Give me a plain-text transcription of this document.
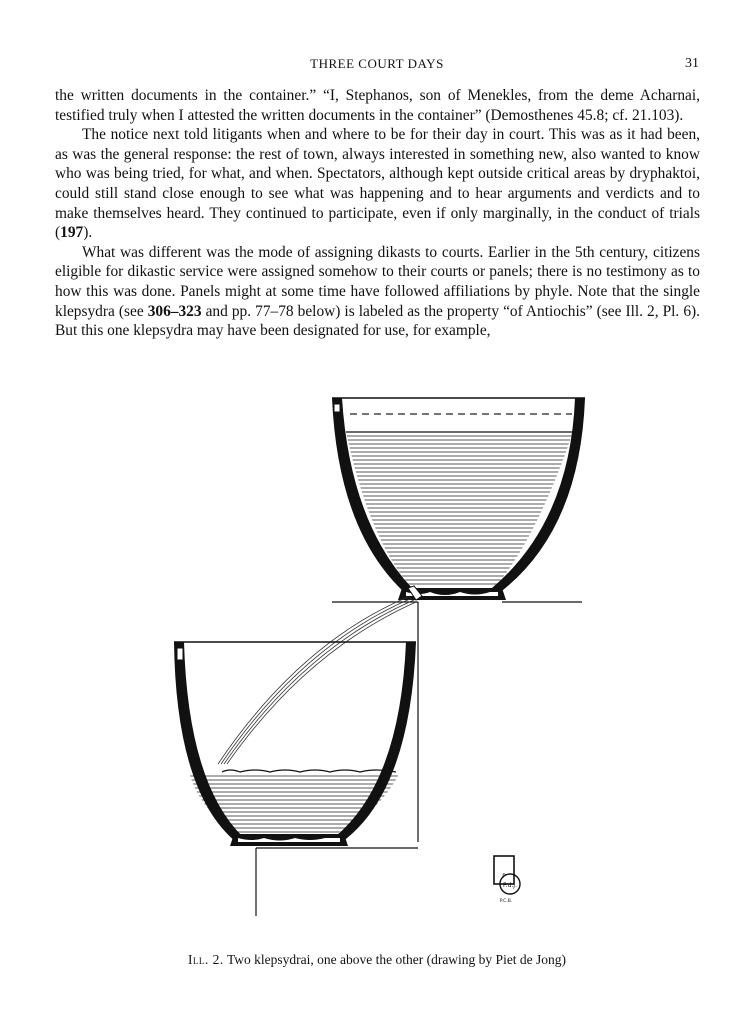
THREE COURT DAYS	31

the written documents in the container.” “I, Stephanos, son of Menekles, from the deme Acharnai, testified truly when I attested the written documents in the container” (Demosthenes 45.8; cf. 21.103).

The notice next told litigants when and where to be for their day in court. This was as it had been, as was the general response: the rest of town, always interested in something new, also wanted to know who was being tried, for what, and when. Spectators, although kept outside critical areas by dryphaktoi, could still stand close enough to see what was happening and to hear arguments and verdicts and to make themselves heard. They continued to participate, even if only marginally, in the conduct of trials (197).

What was different was the mode of assigning dikasts to courts. Earlier in the 5th century, citizens eligible for dikastic service were assigned somehow to their courts or panels; there is no testimony as to how this was done. Panels might at some time have followed affiliations by phyle. Note that the single klepsydra (see 306–323 and pp. 77–78 below) is labeled as the property “of Antiochis” (see Ill. 2, Pl. 6). But this one klepsydra may have been designated for use, for example,

P
P.d.J.
P.C.B.
Ill. 2. Two klepsydrai, one above the other (drawing by Piet de Jong)
